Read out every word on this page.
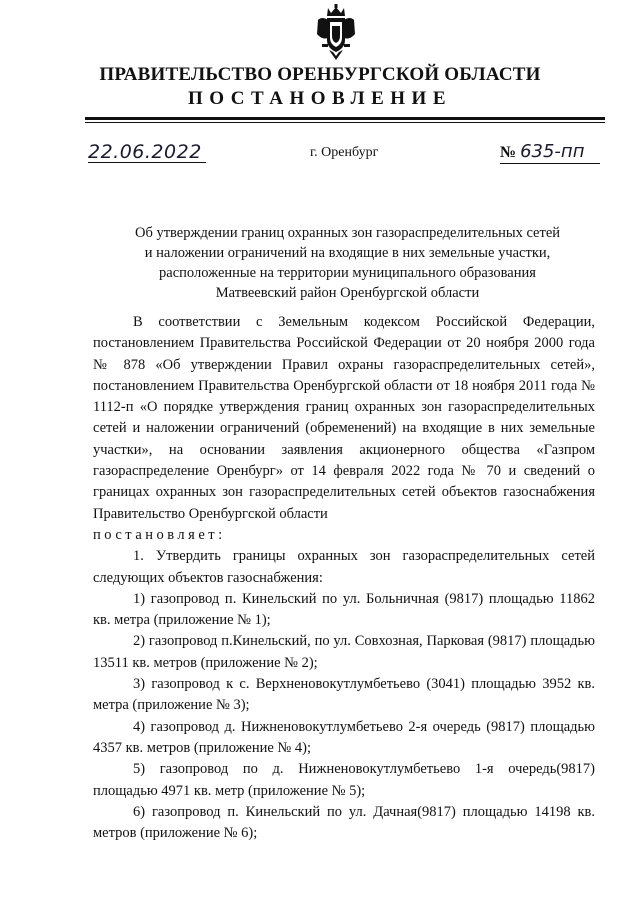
ПРАВИТЕЛЬСТВО ОРЕНБУРГСКОЙ ОБЛАСТИ
ПОСТАНОВЛЕНИЕ
22.06.2022	г. Оренбург	№ 635-пп
Об утверждении границ охранных зон газораспределительных сетей
и наложении ограничений на входящие в них земельные участки,
расположенные на территории муниципального образования
Матвеевский район Оренбургской области

В соответствии с Земельным кодексом Российской Федерации, постановлением Правительства Российской Федерации от 20 ноября 2000 года № 878 «Об утверждении Правил охраны газораспределительных сетей», постановлением Правительства Оренбургской области от 18 ноября 2011 года № 1112-п «О порядке утверждения границ охранных зон газораспределительных сетей и наложении ограничений (обременений) на входящие в них земельные участки», на основании заявления акционерного общества «Газпром газораспределение Оренбург» от 14 февраля 2022 года № 70 и сведений о границах охранных зон газораспределительных сетей объектов газоснабжения Правительство Оренбургской области

постановляет:

1. Утвердить границы охранных зон газораспределительных сетей следующих объектов газоснабжения:

1) газопровод п. Кинельский по ул. Больничная (9817) площадью 11862 кв. метра (приложение № 1);

2) газопровод п.Кинельский, по ул. Совхозная, Парковая (9817) площадью 13511 кв. метров (приложение № 2);

3) газопровод к с. Верхненовокутлумбетьево (3041) площадью 3952 кв. метра (приложение № 3);

4) газопровод д. Нижненовокутлумбетьево 2-я очередь (9817) площадью 4357 кв. метров (приложение № 4);

5) газопровод по д. Нижненовокутлумбетьево 1-я очередь(9817) площадью 4971 кв. метр (приложение № 5);

6) газопровод п. Кинельский по ул. Дачная(9817) площадью 14198 кв. метров (приложение № 6);
